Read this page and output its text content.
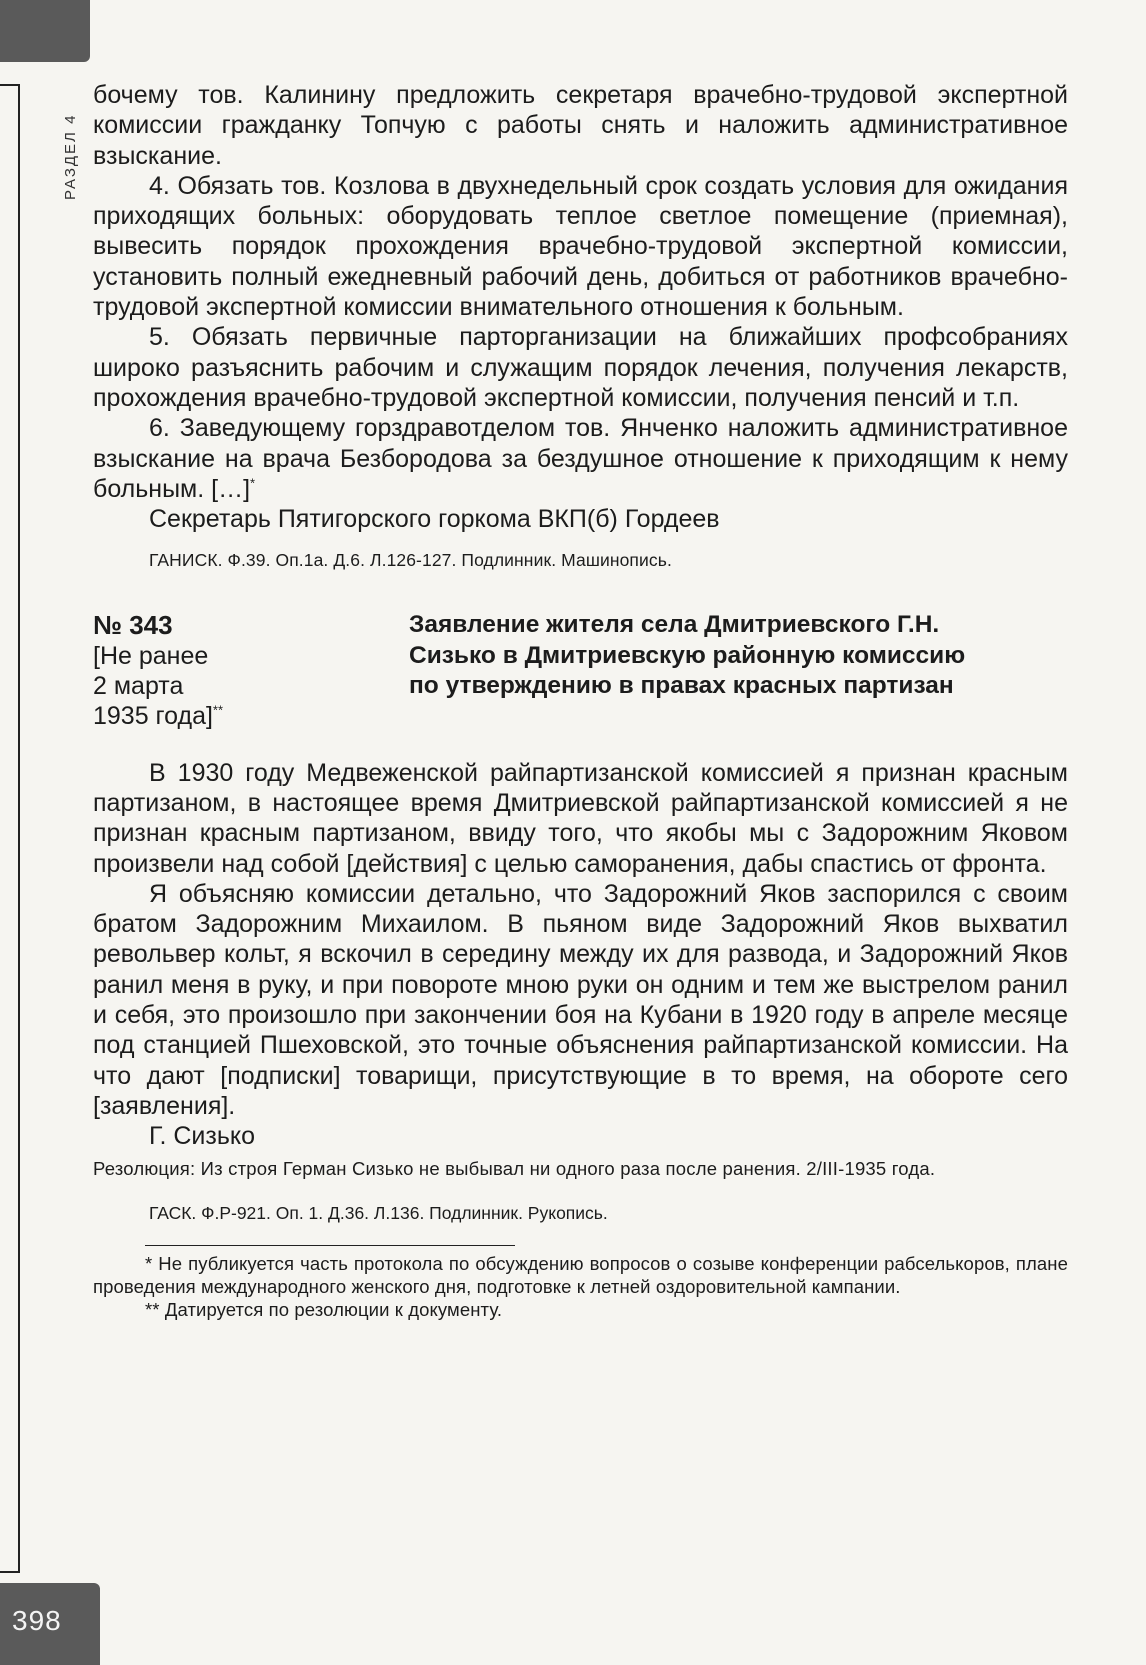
РАЗДЕЛ 4

бочему тов. Калинину предложить секретаря врачебно-трудовой экспертной комиссии гражданку Топчую с работы снять и наложить административное взыскание.

4. Обязать тов. Козлова в двухнедельный срок создать условия для ожидания приходящих больных: оборудовать теплое светлое помещение (приемная), вывесить порядок прохождения врачебно-трудовой экспертной комиссии, установить полный ежедневный рабочий день, добиться от работников врачебно-трудовой экспертной комиссии внимательного отношения к больным.

5. Обязать первичные парторганизации на ближайших профсобраниях широко разъяснить рабочим и служащим порядок лечения, получения лекарств, прохождения врачебно-трудовой экспертной комиссии, получения пенсий и т.п.

6. Заведующему горздравотделом тов. Янченко наложить административное взыскание на врача Безбородова за бездушное отношение к приходящим к нему больным. […]*

Секретарь Пятигорского горкома ВКП(б) Гордеев

ГАНИСК. Ф.39. Оп.1а. Д.6. Л.126-127. Подлинник. Машинопись.

№ 343
[Не ранее
2 марта
1935 года]**
Заявление жителя села Дмитриевского Г.Н. Сизько в Дмитриевскую районную комиссию по утверждению в правах красных партизан

В 1930 году Медвеженской райпартизанской комиссией я признан красным партизаном, в настоящее время Дмитриевской райпартизанской комиссией я не признан красным партизаном, ввиду того, что якобы мы с Задорожним Яковом произвели над собой [действия] с целью самоpанения, дабы спастись от фронта.

Я объясняю комиссии детально, что Задорожний Яков заспорился с своим братом Задорожним Михаилом. В пьяном виде Задорожний Яков выхватил револьвер кольт, я вскочил в середину между их для развода, и Задорожний Яков ранил меня в руку, и при повороте мною руки он одним и тем же выстрелом ранил и себя, это произошло при закончении боя на Кубани в 1920 году в апреле месяце под станцией Пшеховской, это точные объяснения райпартизанской комиссии. На что дают [подписки] товарищи, присутствующие в то время, на обороте сего [заявления].

Г. Сизько

Резолюция: Из строя Герман Сизько не выбывал ни одного раза после ранения. 2/III-1935 года.

ГАСК. Ф.Р-921. Оп. 1. Д.36. Л.136. Подлинник. Рукопись.

* Не публикуется часть протокола по обсуждению вопросов о созыве конференции рабселькоров, плане проведения международного женского дня, подготовке к летней оздоровительной кампании.

** Датируется по резолюции к документу.

398
